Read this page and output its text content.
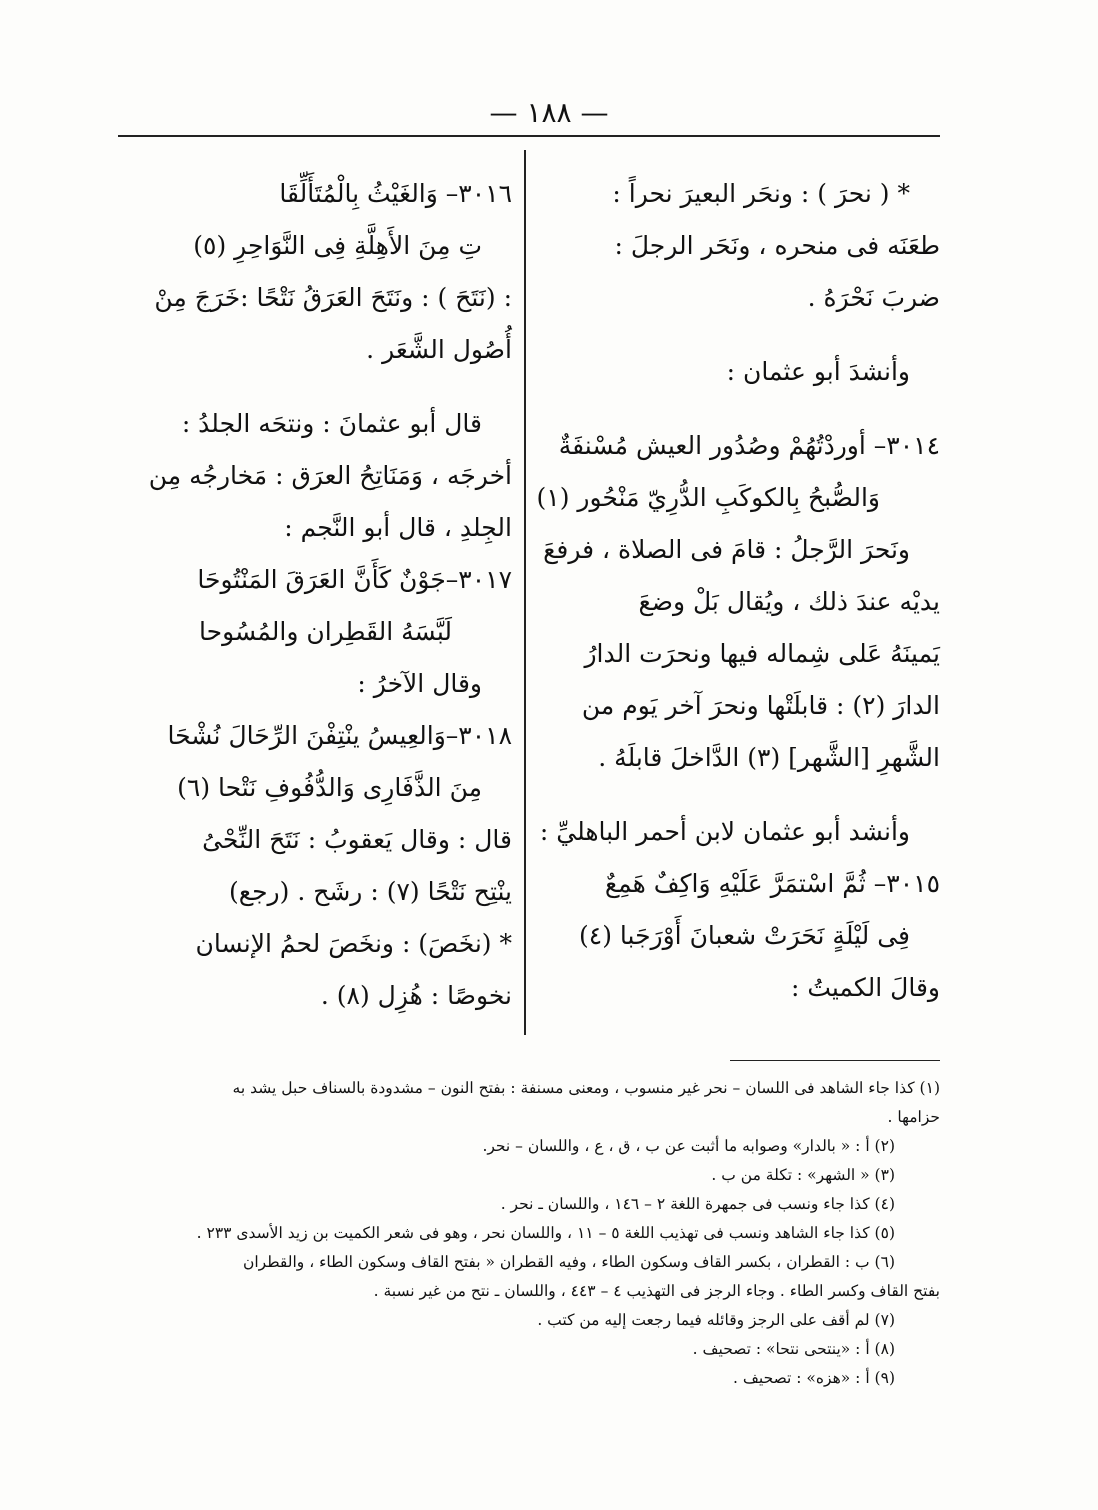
— ١٨٨ —
* ( نحرَ ) : ونحَر البعيرَ نحراً :
طعَنَه فى منحره ، ونَحَر الرجلَ :
ضربَ نَحْرَهُ .
وأنشدَ أبو عثمان :
٣٠١٤– أوردْتُهُمْ وصُدُور العيش مُسْنفَةٌ
وَالصُّبحُ بِالكوكَبِ الدُّرِيّ مَنْحُور (١)
ونَحرَ الرَّجلُ : قامَ فى الصلاة ، فرفعَ
يديْه عندَ ذلك ، ويُقال بَلْ وضعَ
يَمينَهُ عَلى شِماله فيها ونحرَت الدارُ
الدارَ (٢) : قابلَتْها ونحرَ آخر يَوم من
الشَّهرِ [الشَّهر] (٣) الدَّاخلَ قابلَهُ .
وأنشد أبو عثمان لابن أحمر الباهليِّ :
٣٠١٥– ثُمَّ اسْتمَرَّ عَلَيْهِ وَاكِفٌ هَمِعٌ
فِى لَيْلَةٍ نَحَرَتْ شعبانَ أَوْرَجَبا (٤)
وقالَ الكميتُ :
٣٠١٦– وَالغَيْثُ بِالْمُتَأَلِّقَا
تِ مِنَ الأَهِلَّةِ فِى النَّوَاحِرِ (٥)
: (نَتَحَ ) : ونَتَحَ العَرَقُ نَتْحًا :خَرَجَ مِنْ
أُصُول الشَّعَر .
قال أبو عثمانَ : ونتحَه الجلدُ :
أخرجَه ، وَمَنَاتِحُ العرَق : مَخارجُه مِن
الجِلدِ ، قال أبو النَّجم :
٣٠١٧–جَوْنٌ كَأَنَّ العَرَقَ المَنْتُوحَا
لَبَّسَهُ القَطِران والمُسُوحا
وقال الآخرُ :
٣٠١٨–وَالعِيسُ ينْتِفْنَ الرِّحَالَ نُشْحَا
مِنَ الذَّفَارِى وَالدُّفُوفِ نَتْحا (٦)
قال : وقال يَعقوبُ : نَتَحَ النِّحْىُ
ينْتِح نَتْحًا (٧) : رشَح . (رجع)
* (نخَصَ) : ونخَصَ لحمُ الإنسان
نخوصًا : هُزِل (٨) .
(١) كذا جاء الشاهد فى اللسان – نحر غير منسوب ، ومعنى مسنفة : بفتح النون – مشدودة بالسناف حبل يشد به
حزامها .
(٢) أ : « بالدار» وصوابه ما أثبت عن ب ، ق ، ع ، واللسان – نحر.
(٣) « الشهر» : تكلة من ب .
(٤) كذا جاء ونسب فى جمهرة اللغة ٢ – ١٤٦ ، واللسان ـ نحر .
(٥) كذا جاء الشاهد ونسب فى تهذيب اللغة ٥ – ١١ ، واللسان نحر ، وهو فى شعر الكميت بن زيد الأسدى ٢٣٣ .
(٦) ب : القطران ، بكسر القاف وسكون الطاء ، وفيه القطران « بفتح القاف وسكون الطاء ، والقطران
بفتح القاف وكسر الطاء . وجاء الرجز فى التهذيب ٤ – ٤٤٣ ، واللسان ـ نتح من غير نسبة .
(٧) لم أقف على الرجز وقائله فيما رجعت إليه من كتب .
(٨) أ : «ينتحى نتحا» : تصحيف .
(٩) أ : «هزه» : تصحيف .
